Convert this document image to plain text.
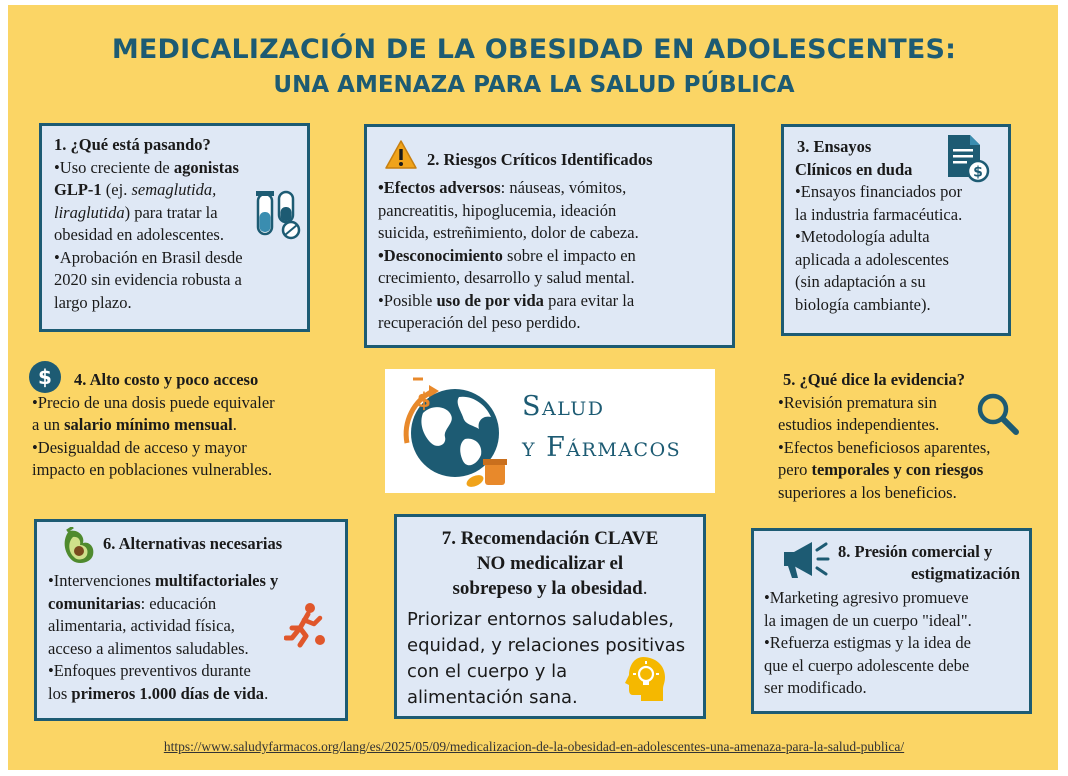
MEDICALIZACIÓN DE LA OBESIDAD EN ADOLESCENTES:
UNA AMENAZA PARA LA SALUD PÚBLICA
1. ¿Qué está pasando?
•Uso creciente de agonistas
GLP-1 (ej. semaglutida,
liraglutida) para tratar la
obesidad en adolescentes.
•Aprobación en Brasil desde
2020 sin evidencia robusta a
largo plazo.
2. Riesgos Críticos Identificados
•Efectos adversos: náuseas, vómitos,
pancreatitis, hipoglucemia, ideación
suicida, estreñimiento, dolor de cabeza.
•Desconocimiento sobre el impacto en
crecimiento, desarrollo y salud mental.
•Posible uso de por vida para evitar la
recuperación del peso perdido.
3. Ensayos
Clínicos en duda
•Ensayos financiados por
la industria farmacéutica.
•Metodología adulta
aplicada a adolescentes
(sin adaptación a su
biología cambiante).
$
$	4. Alto costo y poco acceso
•Precio de una dosis puede equivaler
a un salario mínimo mensual.
•Desigualdad de acceso y mayor
impacto en poblaciones vulnerables.
$	Salud
y Fármacos
5. ¿Qué dice la evidencia?
•Revisión prematura sin
estudios independientes.
•Efectos beneficiosos aparentes,
pero temporales y con riesgos
superiores a los beneficios.
6. Alternativas necesarias
•Intervenciones multifactoriales y
comunitarias: educación
alimentaria, actividad física,
acceso a alimentos saludables.
•Enfoques preventivos durante
los primeros 1.000 días de vida.
7. Recomendación CLAVE
NO medicalizar el
sobrepeso y la obesidad.
Priorizar entornos saludables,
equidad, y relaciones positivas
con el cuerpo y la
alimentación sana.
8. Presión comercial y
estigmatización
•Marketing agresivo promueve
la imagen de un cuerpo "ideal".
•Refuerza estigmas y la idea de
que el cuerpo adolescente debe
ser modificado.
https://www.saludyfarmacos.org/lang/es/2025/05/09/medicalizacion-de-la-obesidad-en-adolescentes-una-amenaza-para-la-salud-publica/
